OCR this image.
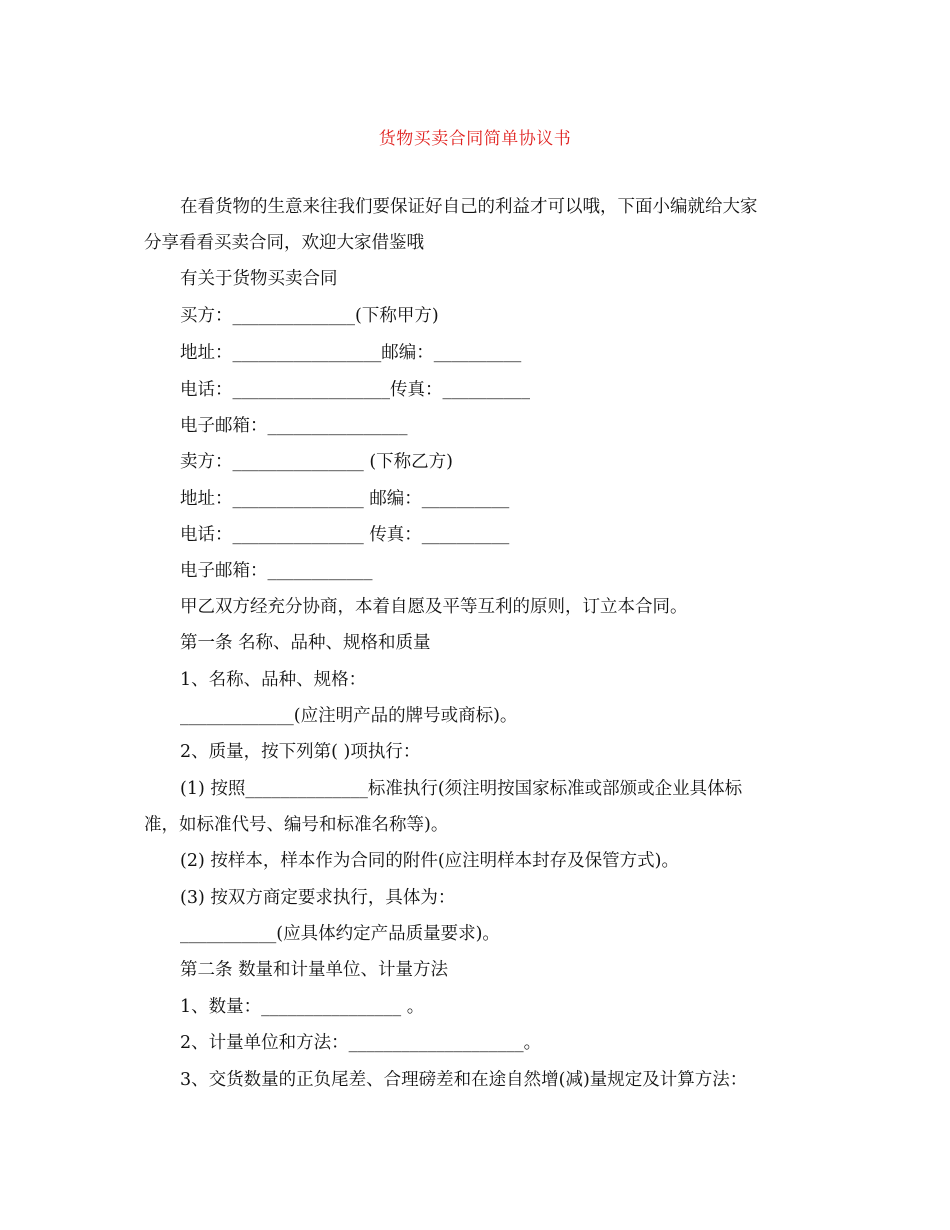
货物买卖合同简单协议书
在看货物的生意来往我们要保证好自己的利益才可以哦，下面小编就给大家
分享看看买卖合同，欢迎大家借鉴哦
有关于货物买卖合同
买方：______________(下称甲方)
地址：_________________邮编：__________
电话：__________________传真：__________
电子邮箱：________________
卖方：_______________ (下称乙方)
地址：_______________ 邮编：__________
电话：_______________ 传真：__________
电子邮箱：____________
甲乙双方经充分协商，本着自愿及平等互利的原则，订立本合同。
第一条 名称、品种、规格和质量
1、名称、品种、规格：
_____________(应注明产品的牌号或商标)。
2、质量，按下列第( )项执行：
(1) 按照______________标准执行(须注明按国家标准或部颁或企业具体标
准，如标准代号、编号和标准名称等)。
(2) 按样本，样本作为合同的附件(应注明样本封存及保管方式)。
(3) 按双方商定要求执行，具体为：
___________(应具体约定产品质量要求)。
第二条 数量和计量单位、计量方法
1、数量：________________ 。
2、计量单位和方法：____________________。
3、交货数量的正负尾差、合理磅差和在途自然增(减)量规定及计算方法：
